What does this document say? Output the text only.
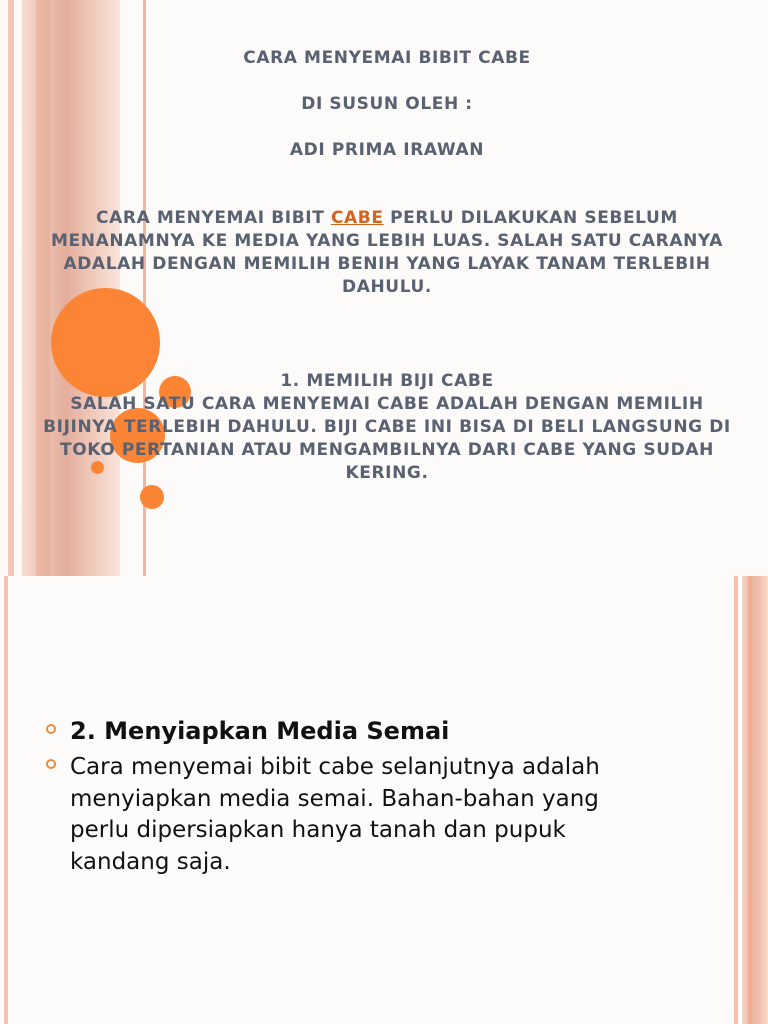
CARA MENYEMAI BIBIT CABE
DI SUSUN OLEH :
ADI PRIMA IRAWAN
CARA MENYEMAI BIBIT CABE PERLU DILAKUKAN SEBELUM MENANAMNYA KE MEDIA YANG LEBIH LUAS. SALAH SATU CARANYA ADALAH DENGAN MEMILIH BENIH YANG LAYAK TANAM TERLEBIH DAHULU.
1. MEMILIH BIJI CABE
SALAH SATU CARA MENYEMAI CABE ADALAH DENGAN MEMILIH BIJINYA TERLEBIH DAHULU. BIJI CABE INI BISA DI BELI LANGSUNG DI TOKO PERTANIAN ATAU MENGAMBILNYA DARI CABE YANG SUDAH KERING.
2. Menyiapkan Media Semai
Cara menyemai bibit cabe selanjutnya adalah menyiapkan media semai. Bahan-bahan yang perlu dipersiapkan hanya tanah dan pupuk kandang saja.
